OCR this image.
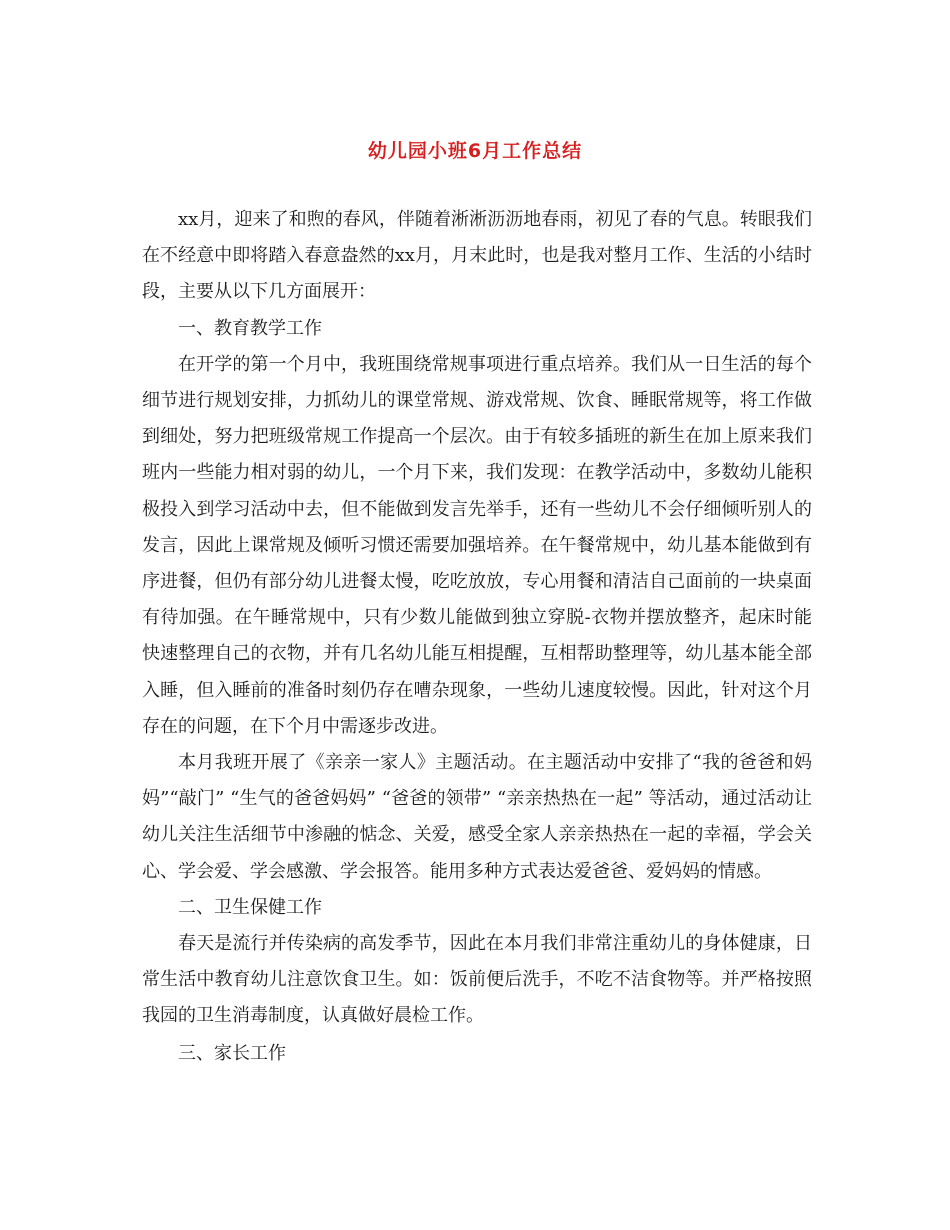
幼儿园小班6月工作总结

xx月，迎来了和煦的春风，伴随着淅淅沥沥地春雨，初见了春的气息。转眼我们在不经意中即将踏入春意盎然的xx月，月末此时，也是我对整月工作、生活的小结时段，主要从以下几方面展开：

一、教育教学工作

在开学的第一个月中，我班围绕常规事项进行重点培养。我们从一日生活的每个细节进行规划安排，力抓幼儿的课堂常规、游戏常规、饮食、睡眠常规等，将工作做到细处，努力把班级常规工作提高一个层次。由于有较多插班的新生在加上原来我们班内一些能力相对弱的幼儿，一个月下来，我们发现：在教学活动中，多数幼儿能积极投入到学习活动中去，但不能做到发言先举手，还有一些幼儿不会仔细倾听别人的发言，因此上课常规及倾听习惯还需要加强培养。在午餐常规中，幼儿基本能做到有序进餐，但仍有部分幼儿进餐太慢，吃吃放放，专心用餐和清洁自己面前的一块桌面有待加强。在午睡常规中，只有少数儿能做到独立穿脱-衣物并摆放整齐，起床时能快速整理自己的衣物，并有几名幼儿能互相提醒，互相帮助整理等，幼儿基本能全部入睡，但入睡前的准备时刻仍存在嘈杂现象，一些幼儿速度较慢。因此，针对这个月存在的问题，在下个月中需逐步改进。

本月我班开展了《亲亲一家人》主题活动。在主题活动中安排了“我的爸爸和妈妈”“敲门” “生气的爸爸妈妈” “爸爸的领带” “亲亲热热在一起” 等活动，通过活动让幼儿关注生活细节中渗融的惦念、关爱，感受全家人亲亲热热在一起的幸福，学会关心、学会爱、学会感激、学会报答。能用多种方式表达爱爸爸、爱妈妈的情感。

二、卫生保健工作

春天是流行并传染病的高发季节，因此在本月我们非常注重幼儿的身体健康，日常生活中教育幼儿注意饮食卫生。如：饭前便后洗手，不吃不洁食物等。并严格按照我园的卫生消毒制度，认真做好晨检工作。

三、家长工作
